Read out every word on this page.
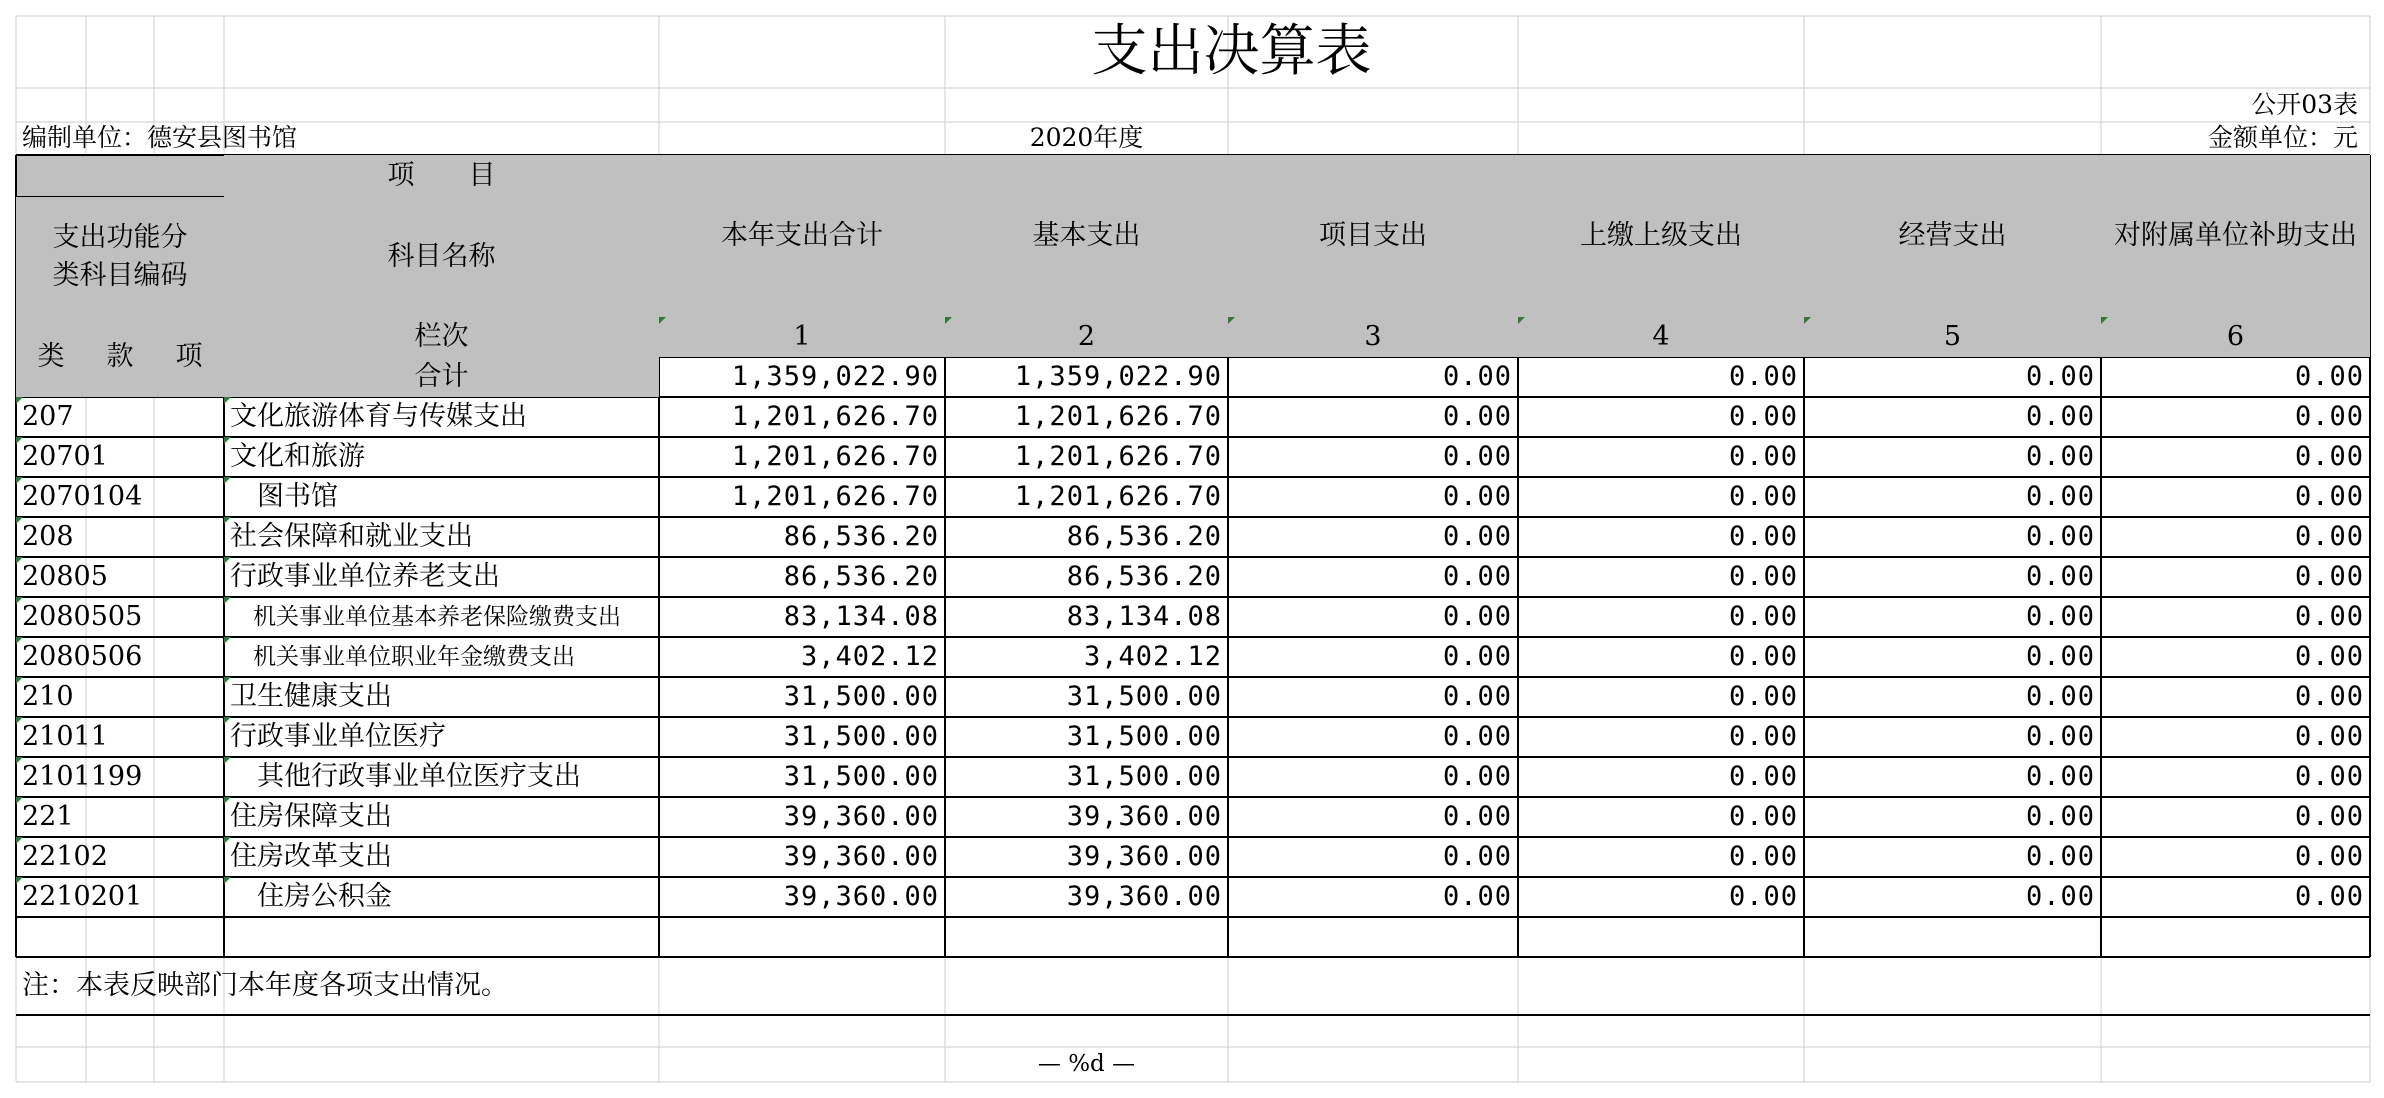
支出决算表
公开03表
编制单位：德安县图书馆	2020年度	金额单位：元
项　　目
支出功能分类科目编码
科目名称
本年支出合计	基本支出	项目支出	上缴上级支出	经营支出	对附属单位补助支出
类	款	项
栏次	1	2	3	4	5	6
合计	1,359,022.90	1,359,022.90	0.00	0.00	0.00	0.00
207	文化旅游体育与传媒支出	1,201,626.70	1,201,626.70	0.00	0.00	0.00	0.00
20701	文化和旅游	1,201,626.70	1,201,626.70	0.00	0.00	0.00	0.00
2070104	　图书馆	1,201,626.70	1,201,626.70	0.00	0.00	0.00	0.00
208	社会保障和就业支出	86,536.20	86,536.20	0.00	0.00	0.00	0.00
20805	行政事业单位养老支出	86,536.20	86,536.20	0.00	0.00	0.00	0.00
2080505	　机关事业单位基本养老保险缴费支出	83,134.08	83,134.08	0.00	0.00	0.00	0.00
2080506	　机关事业单位职业年金缴费支出	3,402.12	3,402.12	0.00	0.00	0.00	0.00
210	卫生健康支出	31,500.00	31,500.00	0.00	0.00	0.00	0.00
21011	行政事业单位医疗	31,500.00	31,500.00	0.00	0.00	0.00	0.00
2101199	　其他行政事业单位医疗支出	31,500.00	31,500.00	0.00	0.00	0.00	0.00
221	住房保障支出	39,360.00	39,360.00	0.00	0.00	0.00	0.00
22102	住房改革支出	39,360.00	39,360.00	0.00	0.00	0.00	0.00
2210201	　住房公积金	39,360.00	39,360.00	0.00	0.00	0.00	0.00
注：本表反映部门本年度各项支出情况。
— %d —
